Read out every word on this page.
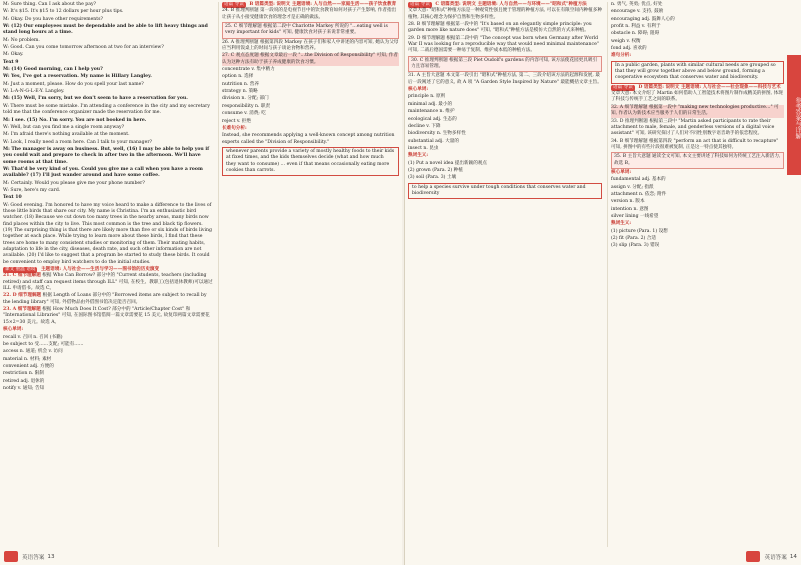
M: Sure thing. Can I ask about the pay?

W: It's $15. It's $15 to 12 dollars per hour plus tips.

M: Okay. Do you have other requirements?

W: (12) Our employees must be dependable and be able to lift heavy things and stand long hours at a time.

M: No problem.

W: Good. Can you come tomorrow afternoon at two for an interview?

M: Okay.

Text 9

M: (14) Good morning, can I help you?

W: Yes, I've got a reservation. My name is Hillary Langley.

M: Just a moment, please. How do you spell your last name?

W: L-A-N-G-L-E-Y. Langley.

M: (15) Well, I'm sorry, but we don't seem to have a reservation for you.

W: There must be some mistake. I'm attending a conference in the city and my secretary told me that the conference organizer made the reservation for me.

M: I see. (15) No. I'm sorry. You are not booked in here.

W: Well, but can you find me a single room anyway?

M: I'm afraid there's nothing available at the moment.

W: Look, I really need a room here. Can I talk to your manager?

M: The manager is away on business. But, well, (16) I may be able to help you if you could wait and prepare to check in after two in the afternoon. We'll have some rooms at that time.

W: That'd be very kind of you. Could you give me a call when you have a room available? (17) I'll just wander around and have some coffee.

M: Certainly. Would you please give me your phone number?

W: Sure, here's my card.

Text 10

W: Good evening. I'm honored to have my voice heard to make a difference to the lives of those little birds that share our city. My name is Christina. I'm an enthusiastic bird watcher. (18) Because we cut down too many trees in the nearby areas, many birds now find places within the city to live. This most common is the tree and black tip flowers. (19) The surprising thing is that there are likely more than five or six kinds of birds living together at each place. While trying to learn more about these birds, I find that these trees are home to many consistent studies or monitoring of them. Their mating habits, adaptation to life in the city, diseases, death rate, and such other information are not available. (20) I'd like to suggest that a program be started to study these birds. It could be convenient to employ bird watchers to do the initial studies.

课文 重温 语境 主题语境: 人与社会——生活与学习——图书馆的历史演变

21. C 细节理解题 根据 Who Can Borrow? 部分中的 "Current students, teachers (including retired) and staff can request items through ILL" 可知, 在校生、教职工(包括退休教师)可以通过 ILL 申请借书。故选 C。

22. D 细节理解题 根据 Length of Loans 部分中的 "Borrowed items are subject to recall by the lending library" 可知, 外借物品由外借图书馆决定能否召回。

23. A 细节理解题 根据 How Much Does It Cost? 部分中的 "Article/Chapter Cost" 和 "International Libraries" 可知, 在国际图书馆借阅一篇文章需要花 15 美元, 故复印两篇文章需要花 15×2=30 美元。故选 A。

核心单词:

recall v. 召回 n. 召回 (书籍)

be subject to 受……支配; 可能有……

access n. 通道; 机会 v. 访问

material n. 材料; 素材

convenient adj. 方便的

restriction n. 限制

retired adj. 退休的

notify v. 通知; 告知

语篇 导读 B 语篇类型: 说明文 主题语境: 人与自然——家庭生活——孩子饮食教育

24. B 推理判断题 第一段说的是电视节目中的饮食教育如何对孩子产生影响, 作者指出让孩子从小接受健康饮食的理念才是正确的做法。

25. C 细节理解题 根据第二段中 Charlotte Markey 所说的 "…eating well is very important for kids" 可知, 健康饮食对孩子来说非常重要。

26. A 推理判断题 根据第四段 Markey 在孩子们和家人中讲述的内容可知, 她认为父母应当利用饭桌上的时间与孩子谈论食物和营养。

27. C 观点态度题 根据文章最后一段 "…the Division of Responsibility" 可知, 作者认为这种方法有助于孩子养成健康的饮食习惯。

concentrate v. 集中精力

option n. 选择

nutrition n. 营养

strategy n. 策略

division n. 分配; 部门

responsibility n. 职责

consume v. 消费; 吃

reject v. 拒绝

长难句分析:

Instead, she recommends applying a well-known concept among nutrition experts called the "Division of Responsibility."

whenever parents provide a variety of mostly healthy foods to their kids at fixed times, and the kids themselves decide (what and how much they want to consume) … even if that means occasionally eating more cookies than carrots.

英语答案 13
语篇 导读 C 语篇类型: 说明文 主题语境: 人与自然——与环境——"昭和式"种植方法

文章大意: "昭和式"种植方法是一种观赏性强且便于管理的种植方法, 可以在有限空间内种植多种植物, 其核心理念为保护自然和生物多样性。

28. B 细节理解题 根据第一段中的 "It's based on an elegantly simple principle: you garden more like nature does" 可知, "昭和式"种植方法是模仿大自然的方式来种植。

29. D 细节理解题 根据第二段中的 "The concept was born when Germany after World War II was looking for a reproducible way that would need minimal maintenance" 可知, 二战后德国需要一种易于复制、维护成本低的种植方法。

30. C 推理判断题 根据第三段 Piet Oudolf's gardens 的内容可知, 该方法使花园更具吸引力且容易管理。

31. A 主旨大意题 本文第一段引出 "昭和式"种植方法, 第二、三段介绍该方法的起源和发展, 最后一段阐述了它的意义, 故 A 项 "A Garden Style Inspired by Nature" 最能概括文章主旨。

核心单词:

principle n. 原则

minimal adj. 最小的

maintenance n. 维护

ecological adj. 生态的

decline v. 下降

biodiversity n. 生物多样性

substantial adj. 大量的

insect n. 昆虫

熟词生义:

(1) Put a novel idea 提出新颖的观点

(2) grown (Para. 2) 种植

(3) soil (Para. 3) 土壤

to help a species survive under tough conditions that conserves water and biodiversity

n. 勇气, 英勇; 优点, 好处

encourage v. 支持, 鼓励

encouraging adj. 鼓舞人心的

profit n. 利益 v. 有利于

obstacle n. 障碍; 阻碍

weigh v. 权衡

fond adj. 喜欢的

难句分析:

In a public garden, plants with similar cultural needs are grouped so that they will grow together above and below ground, forming a cooperative ecosystem that conserves water and biodiversity.

语篇 导读 D 语篇类型: 说明文 主题语境: 人与社会——社会现象——科技与艺术

文章大意: 本文介绍了 Martin 如何借助人工智能技术将图片制作成精美的拼图, 体现了科技与传统手工艺之间的联系。

32. A 细节理解题 根据第一段中 "making new technologies productive…" 可知, 作者认为新技术应当服务于人们的日常生活。

33. D 推理判断题 根据第三段中 "Martin asked participants to rate their attachment to male, female, and genderless versions of a digital voice assistant" 可知, 该研究探讨了人们对不同性别数字语音助手的依恋程度。

34. B 细节理解题 根据第四段 "perform an act that is difficult to recapture" 可知, 拼图中的有些片段很难被复制, 正是这一特点使其独特。

35. B 主旨大意题 通读全文可知, 本文主要讲述了科技如何为传统工艺注入新活力, 故选 B。

核心单词:

fundamental adj. 基本的

assign v. 分配; 指派

attachment n. 依恋; 附件

version n. 版本

intention n. 意图

silver lining 一线希望

熟词生义:

(1) picture (Para. 1) 设想

(2) fit (Para. 2) 合适

(3) slip (Para. 3) 错误

参考答案与详解
英语答案 14
